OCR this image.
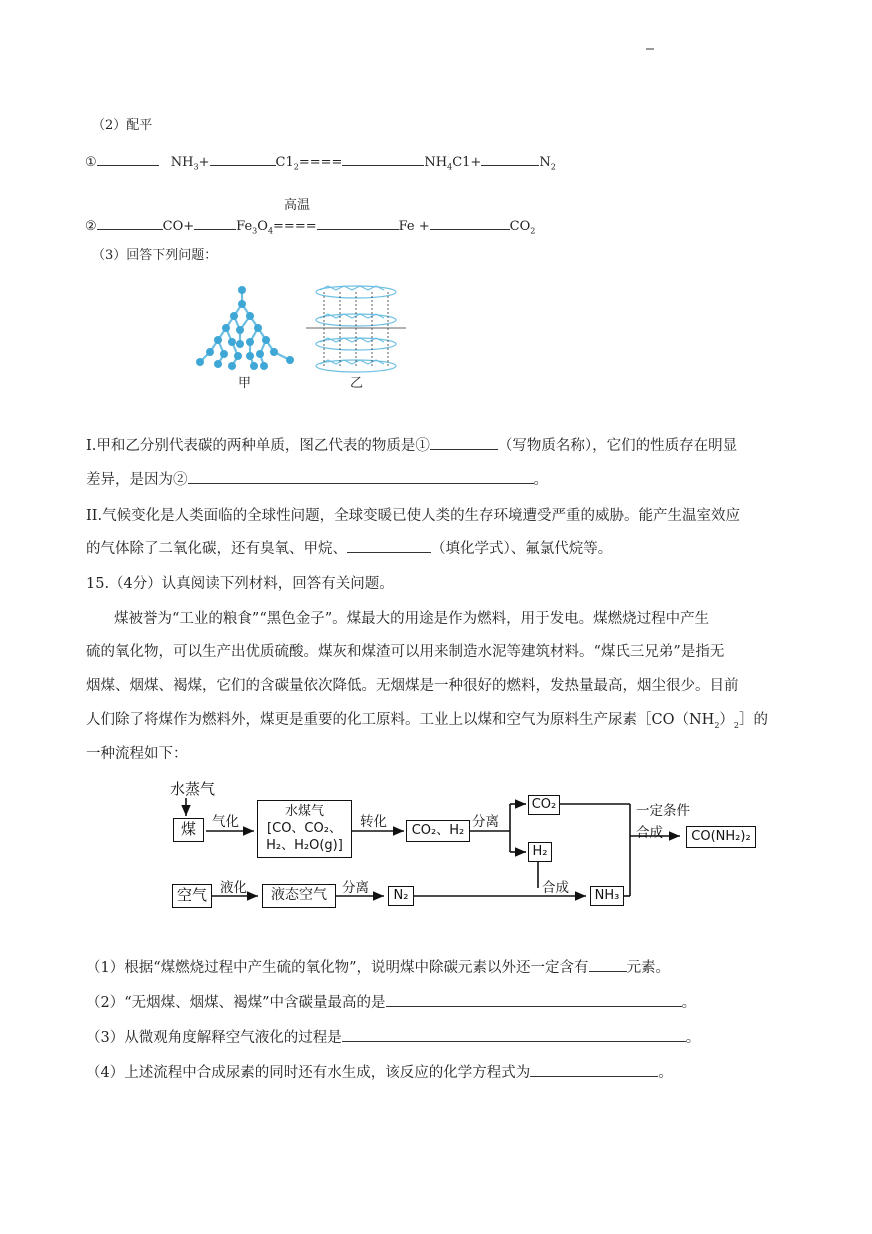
（2）配平
①	$NH_3+$	$C1_2====$	$NH_4C1+$	$N_2$
高温
②	CO+	$Fe_3O_4====$	Fe +	$CO_2$
（3）回答下列问题：
甲	乙
I.甲和乙分别代表碳的两种单质，图乙代表的物质是①	（写物质名称），它们的性质存在明显
差异，是因为②	。
II.气候变化是人类面临的全球性问题，全球变暖已使人类的生存环境遭受严重的威胁。能产生温室效应
的气体除了二氧化碳，还有臭氧、甲烷、	（填化学式）、氟氯代烷等。
15.（4分）认真阅读下列材料，回答有关问题。
煤被誉为“工业的粮食”“黑色金子”。煤最大的用途是作为燃料，用于发电。煤燃烧过程中产生
硫的氧化物，可以生产出优质硫酸。煤灰和煤渣可以用来制造水泥等建筑材料。“煤氏三兄弟”是指无
烟煤、烟煤、褐煤，它们的含碳量依次降低。无烟煤是一种很好的燃料，发热量最高，烟尘很少。目前
人们除了将煤作为燃料外，煤更是重要的化工原料。工业上以煤和空气为原料生产尿素$[CO(NH_2)_2]$的
一种流程如下：
水蒸气
煤	气化
水煤气
[CO、CO₂、
H₂、H₂O(g)]
转化
CO₂、H₂
分离
CO₂
H₂
一定条件
合成	CO(NH₂)₂
空气 液化	液态空气	分离	N₂	合成	NH₃
（1）根据“煤燃烧过程中产生硫的氧化物”，说明煤中除碳元素以外还一定含有	元素。
（2）“无烟煤、烟煤、褐煤”中含碳量最高的是	。
（3）从微观角度解释空气液化的过程是	。
（4）上述流程中合成尿素的同时还有水生成，该反应的化学方程式为	。
